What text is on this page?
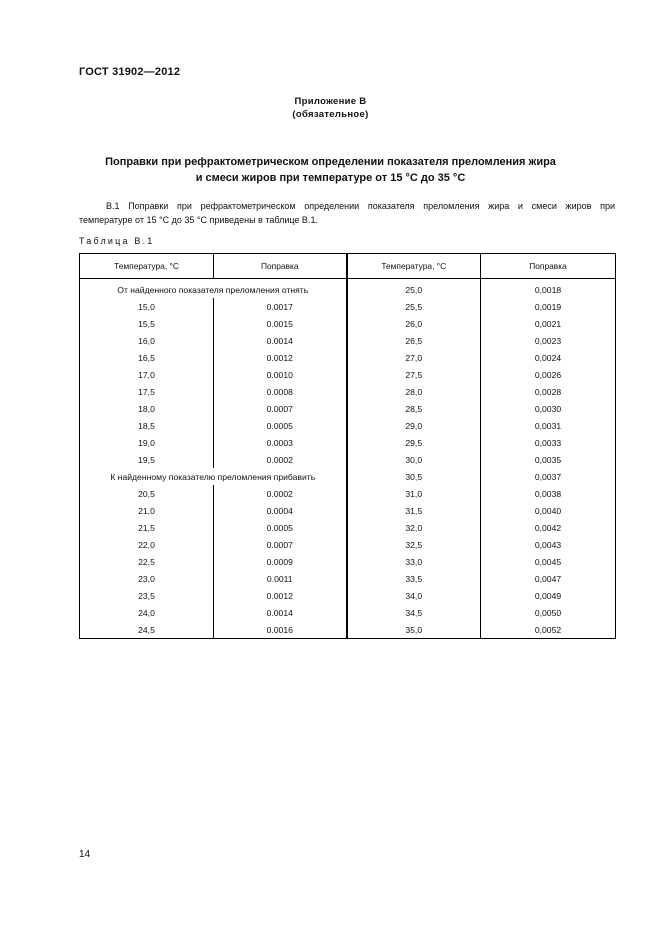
ГОСТ 31902—2012
Приложение В
(обязательное)
Поправки при рефрактометрическом определении показателя преломления жира
и смеси жиров при температуре от 15 °С до 35 °С
В.1 Поправки при рефрактометрическом определении показателя преломления жира и смеси жиров при
температуре от 15 °С до 35 °С приведены в таблице В.1.
Таблица В.1
Температура, °С	Поправка	Температура, °С	Поправка
От найденного показателя преломления отнять		25,0	0,0018
15,0	0.0017	25,5	0,0019
15,5	0.0015	26,0	0,0021
16,0	0.0014	26,5	0,0023
16,5	0.0012	27,0	0,0024
17,0	0.0010	27,5	0,0026
17,5	0.0008	28,0	0,0028
18,0	0.0007	28,5	0,0030
18,5	0.0005	29,0	0,0031
19,0	0.0003	29,5	0,0033
19,5	0.0002	30,0	0,0035
К найденному показателю преломления прибавить		30,5	0,0037
20,5	0.0002	31,0	0,0038
21,0	0.0004	31,5	0,0040
21,5	0.0005	32,0	0,0042
22,0	0.0007	32,5	0,0043
22,5	0.0009	33,0	0,0045
23,0	0.0011	33,5	0,0047
23,5	0.0012	34,0	0,0049
24,0	0.0014	34,5	0,0050
24,5	0.0016	35,0	0,0052
14
